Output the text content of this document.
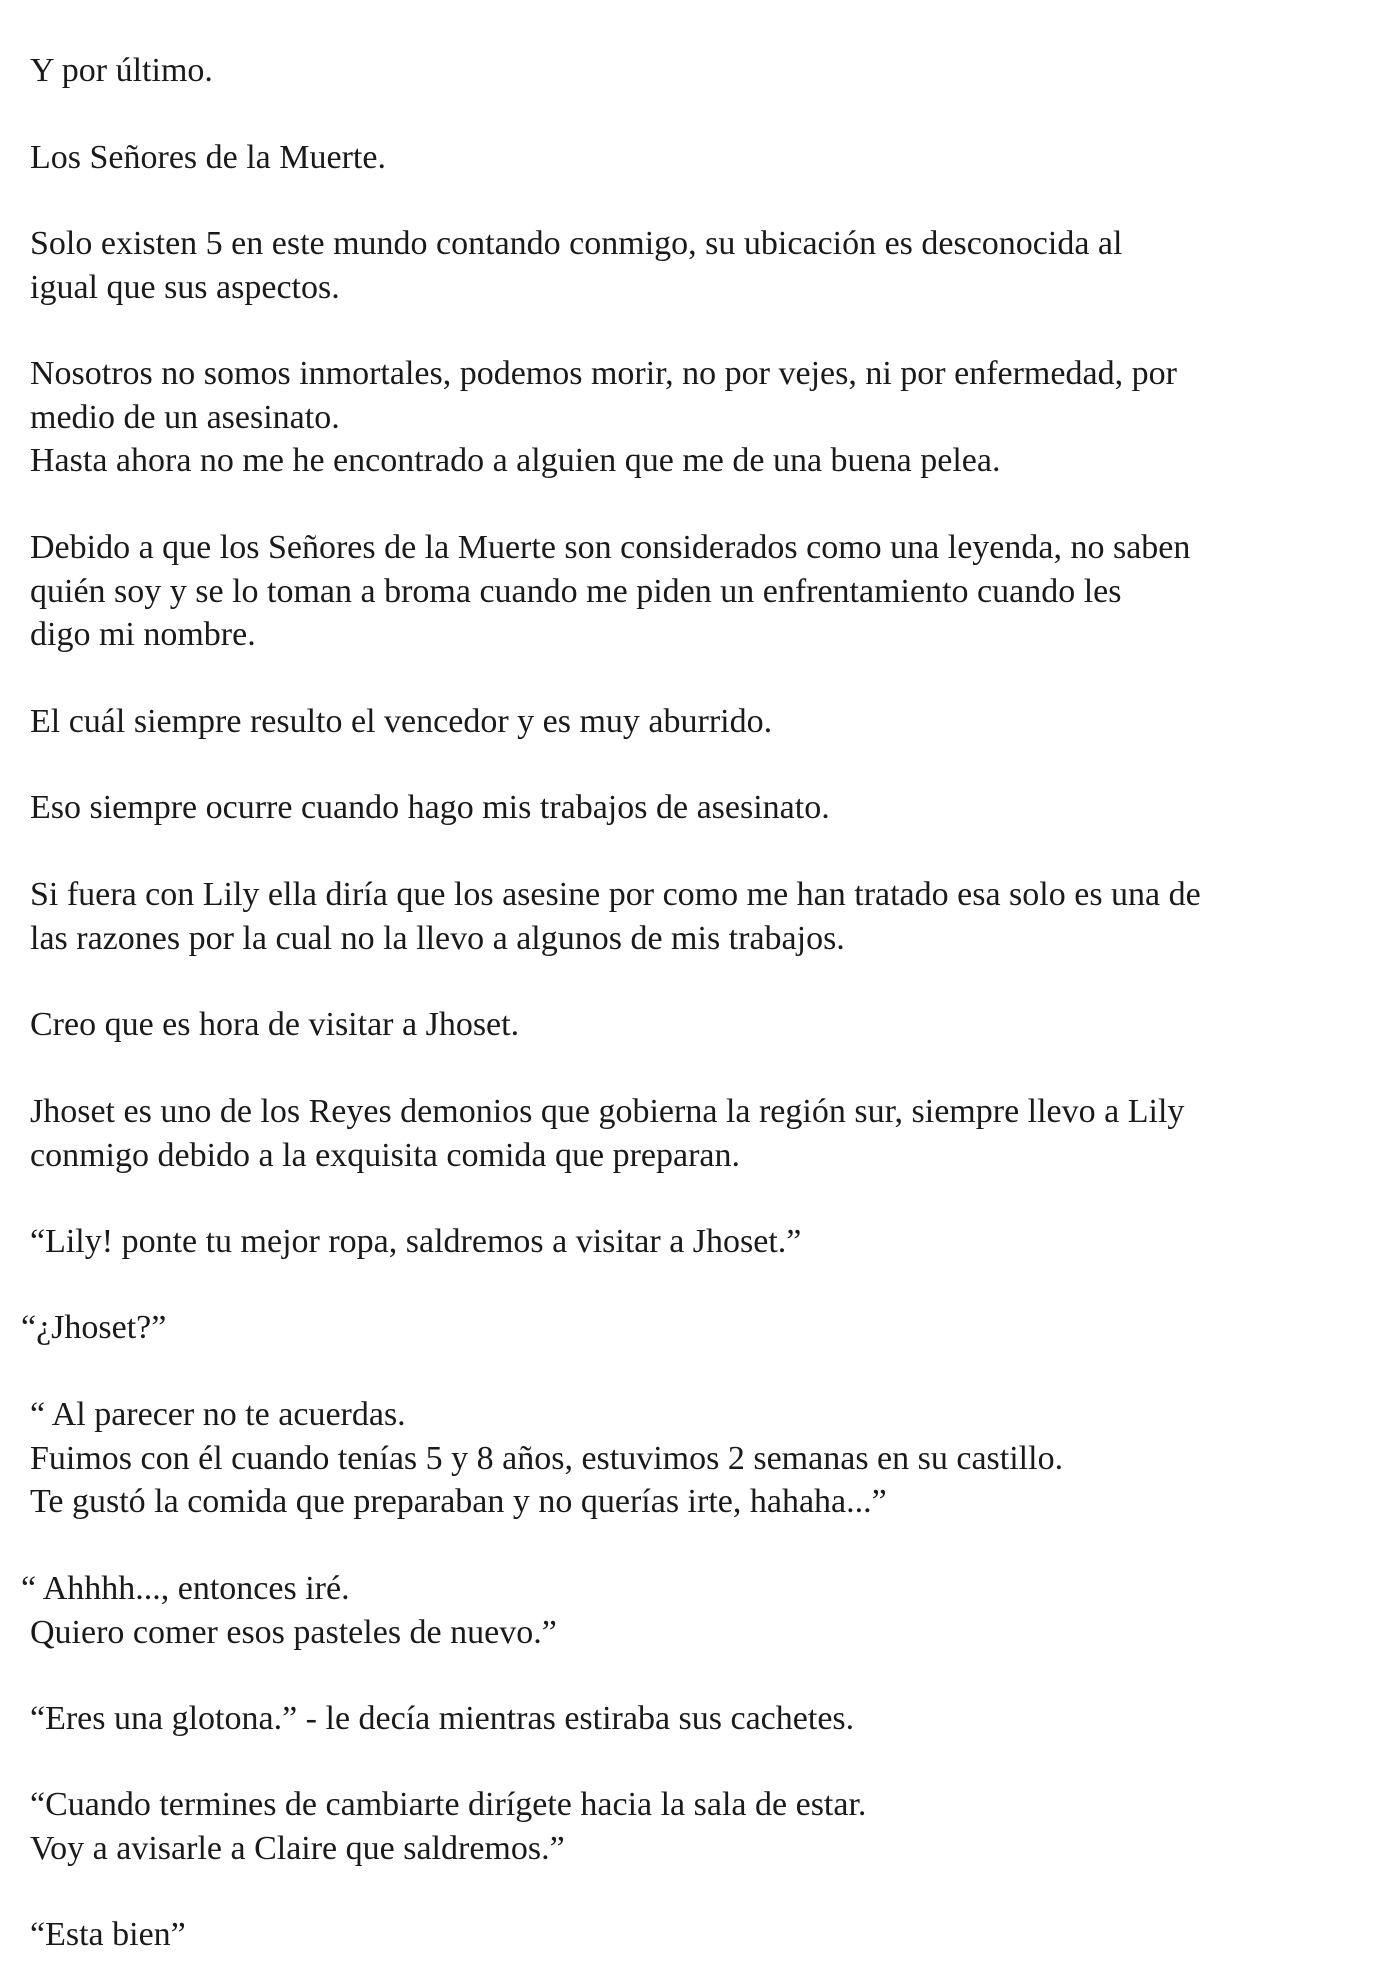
Y por último.

Los Señores de la Muerte.

Solo existen 5 en este mundo contando conmigo, su ubicación es desconocida al
igual que sus aspectos.

Nosotros no somos inmortales, podemos morir, no por vejes, ni por enfermedad, por
medio de un asesinato.
Hasta ahora no me he encontrado a alguien que me de una buena pelea.

Debido a que los Señores de la Muerte son considerados como una leyenda, no saben
quién soy y se lo toman a broma cuando me piden un enfrentamiento cuando les
digo mi nombre.

El cuál siempre resulto el vencedor y es muy aburrido.

Eso siempre ocurre cuando hago mis trabajos de asesinato.

Si fuera con Lily ella diría que los asesine por como me han tratado esa solo es una de
las razones por la cual no la llevo a algunos de mis trabajos.

Creo que es hora de visitar a Jhoset.

Jhoset es uno de los Reyes demonios que gobierna la región sur, siempre llevo a Lily
conmigo debido a la exquisita comida que preparan.

“Lily! ponte tu mejor ropa, saldremos a visitar a Jhoset.”

“¿Jhoset?”

“ Al parecer no te acuerdas.
Fuimos con él cuando tenías 5 y 8 años, estuvimos 2 semanas en su castillo.
Te gustó la comida que preparaban y no querías irte, hahaha...”

“ Ahhhh..., entonces iré.
Quiero comer esos pasteles de nuevo.”

“Eres una glotona.” - le decía mientras estiraba sus cachetes.

“Cuando termines de cambiarte dirígete hacia la sala de estar.
Voy a avisarle a Claire que saldremos.”

“Esta bien”
